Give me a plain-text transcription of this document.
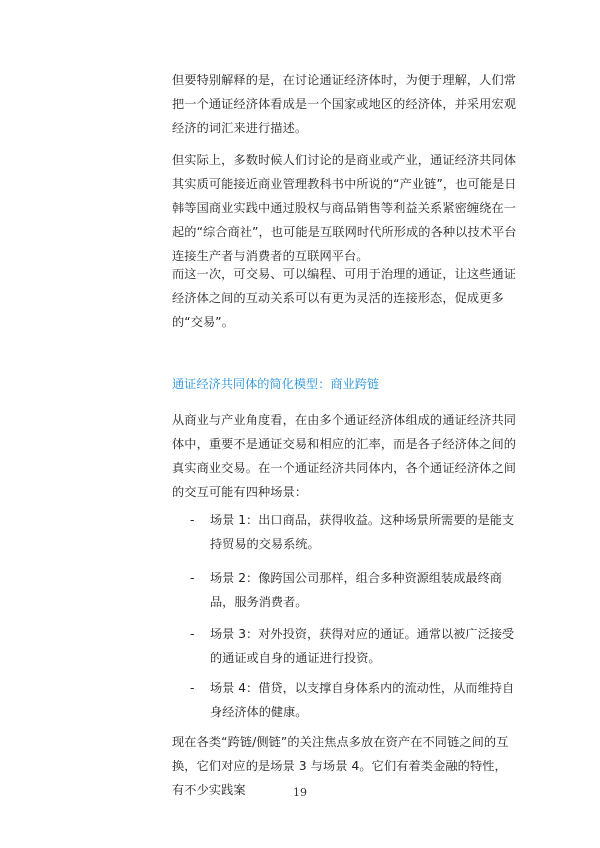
但要特别解释的是，在讨论通证经济体时，为便于理解，人们常把一个通证经济体看成是一个国家或地区的经济体，并采用宏观经济的词汇来进行描述。

但实际上，多数时候人们讨论的是商业或产业，通证经济共同体其实质可能接近商业管理教科书中所说的“产业链”，也可能是日韩等国商业实践中通过股权与商品销售等利益关系紧密缠绕在一起的“综合商社”，也可能是互联网时代所形成的各种以技术平台连接生产者与消费者的互联网平台。

而这一次，可交易、可以编程、可用于治理的通证，让这些通证经济体之间的互动关系可以有更为灵活的连接形态，促成更多的“交易”。

通证经济共同体的简化模型：商业跨链

从商业与产业角度看，在由多个通证经济体组成的通证经济共同体中，重要不是通证交易和相应的汇率，而是各子经济体之间的真实商业交易。在一个通证经济共同体内，各个通证经济体之间的交互可能有四种场景：

-	场景 1：出口商品，获得收益。这种场景所需要的是能支持贸易的交易系统。
-	场景 2：像跨国公司那样，组合多种资源组装成最终商品，服务消费者。
-	场景 3：对外投资，获得对应的通证。通常以被广泛接受的通证或自身的通证进行投资。
-	场景 4：借贷，以支撑自身体系内的流动性，从而维持自身经济体的健康。

现在各类“跨链/侧链”的关注焦点多放在资产在不同链之间的互换，它们对应的是场景 3 与场景 4。它们有着类金融的特性，有不少实践案	19
